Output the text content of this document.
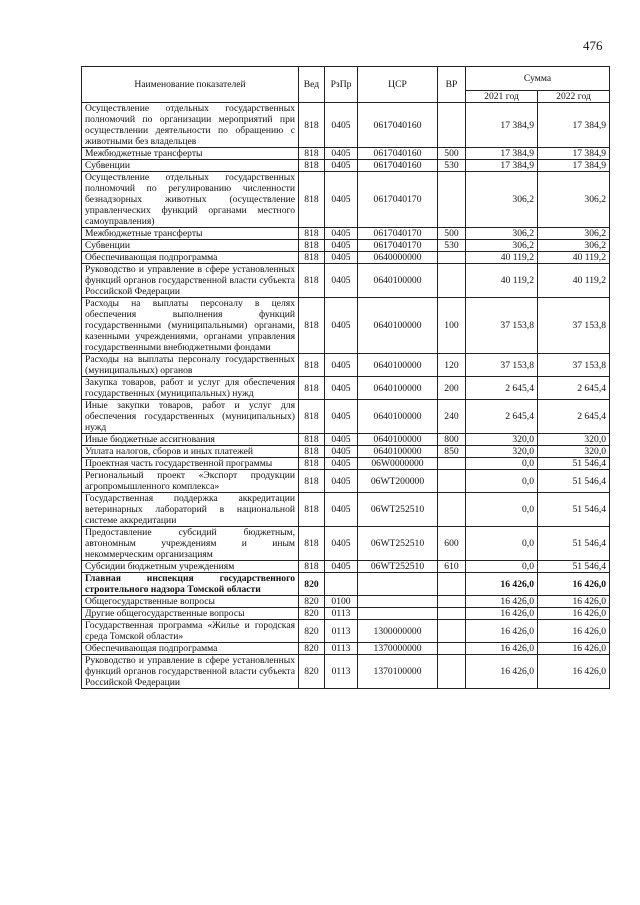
476
Наименование показателей	Вед	РзПр	ЦСР	ВР	Сумма	
					2021 год	2022 год
Осуществление отдельных государственных полномочий по организации мероприятий при осуществлении деятельности по обращению с животными без владельцев	818	0405	0617040160		17 384,9	17 384,9
Межбюджетные трансферты	818	0405	0617040160	500	17 384,9	17 384,9
Субвенции	818	0405	0617040160	530	17 384,9	17 384,9
Осуществление отдельных государственных полномочий по регулированию численности безнадзорных животных (осуществление управленческих функций органами местного самоуправления)	818	0405	0617040170		306,2	306,2
Межбюджетные трансферты	818	0405	0617040170	500	306,2	306,2
Субвенции	818	0405	0617040170	530	306,2	306,2
Обеспечивающая подпрограмма	818	0405	0640000000		40 119,2	40 119,2
Руководство и управление в сфере установленных функций органов государственной власти субъекта Российской Федерации	818	0405	0640100000		40 119,2	40 119,2
Расходы на выплаты персоналу в целях обеспечения выполнения функций государственными (муниципальными) органами, казенными учреждениями, органами управления государственными внебюджетными фондами	818	0405	0640100000	100	37 153,8	37 153,8
Расходы на выплаты персоналу государственных (муниципальных) органов	818	0405	0640100000	120	37 153,8	37 153,8
Закупка товаров, работ и услуг для обеспечения государственных (муниципальных) нужд	818	0405	0640100000	200	2 645,4	2 645,4
Иные закупки товаров, работ и услуг для обеспечения государственных (муниципальных) нужд	818	0405	0640100000	240	2 645,4	2 645,4
Иные бюджетные ассигнования	818	0405	0640100000	800	320,0	320,0
Уплата налогов, сборов и иных платежей	818	0405	0640100000	850	320,0	320,0
Проектная часть государственной программы	818	0405	06W0000000		0,0	51 546,4
Региональный проект «Экспорт продукции агропромышленного комплекса»	818	0405	06WT200000		0,0	51 546,4
Государственная поддержка аккредитации ветеринарных лабораторий в национальной системе аккредитации	818	0405	06WT252510		0,0	51 546,4
Предоставление субсидий бюджетным, автономным учреждениям и иным некоммерческим организациям	818	0405	06WT252510	600	0,0	51 546,4
Субсидии бюджетным учреждениям	818	0405	06WT252510	610	0,0	51 546,4
Главная инспекция государственного строительного надзора Томской области	820				16 426,0	16 426,0
Общегосударственные вопросы	820	0100			16 426,0	16 426,0
Другие общегосударственные вопросы	820	0113			16 426,0	16 426,0
Государственная программа «Жилье и городская среда Томской области»	820	0113	1300000000		16 426,0	16 426,0
Обеспечивающая подпрограмма	820	0113	1370000000		16 426,0	16 426,0
Руководство и управление в сфере установленных функций органов государственной власти субъекта Российской Федерации	820	0113	1370100000		16 426,0	16 426,0
